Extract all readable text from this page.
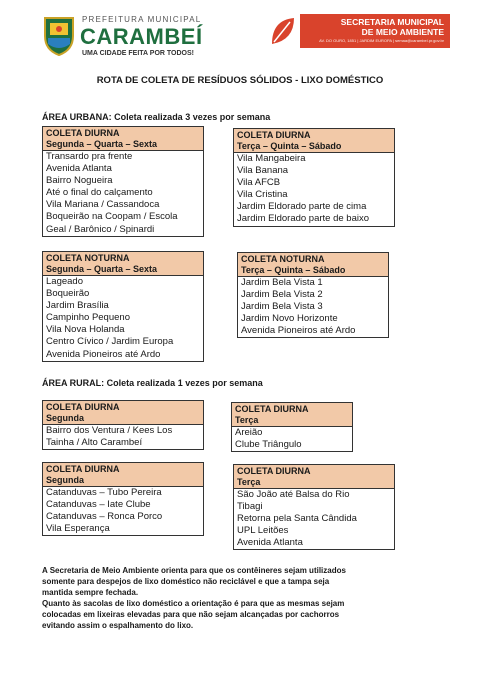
PREFEITURA MUNICIPAL
CARAMBEÍ
UMA CIDADE FEITA POR TODOS!
SECRETARIA MUNICIPAL
DE MEIO AMBIENTE
AV. DO OURO, 1851 | JARDIM EUROPA | semaa@carambei.pr.gov.br
ROTA DE COLETA DE RESÍDUOS SÓLIDOS - LIXO DOMÉSTICO
ÁREA URBANA: Coleta realizada 3 vezes por semana
COLETA DIURNA
Segunda – Quarta – Sexta
Transardo pra frente
Avenida Atlanta
Bairro Nogueira
Até o final do calçamento
Vila Mariana / Cassandoca
Boqueirão na Coopam / Escola
Geal / Barônico / Spinardi
COLETA DIURNA
Terça – Quinta – Sábado
Vila Mangabeira
Vila Banana
Vila AFCB
Vila Cristina
Jardim Eldorado parte de cima
Jardim Eldorado parte de baixo
COLETA NOTURNA
Segunda – Quarta – Sexta
Lageado
Boqueirão
Jardim Brasília
Campinho Pequeno
Vila Nova Holanda
Centro Cívico / Jardim Europa
Avenida Pioneiros até Ardo
COLETA NOTURNA
Terça – Quinta – Sábado
Jardim Bela Vista 1
Jardim Bela Vista 2
Jardim Bela Vista 3
Jardim Novo Horizonte
Avenida Pioneiros até Ardo
ÁREA RURAL: Coleta realizada 1 vezes por semana
COLETA DIURNA
Segunda
Bairro dos Ventura / Kees Los
Tainha / Alto Carambeí
COLETA DIURNA
Terça
Areião
Clube Triângulo
COLETA DIURNA
Segunda
Catanduvas – Tubo Pereira
Catanduvas – Iate Clube
Catanduvas – Ronca Porco
Vila Esperança
COLETA DIURNA
Terça
São João até Balsa do Rio
Tibagi
Retorna pela Santa Cândida
UPL Leitões
Avenida Atlanta
A Secretaria de Meio Ambiente orienta para que os contêineres sejam utilizados
somente para despejos de lixo doméstico não reciclável e que a tampa seja
mantida sempre fechada.
Quanto às sacolas de lixo doméstico a orientação é para que as mesmas sejam
colocadas em lixeiras elevadas para que não sejam alcançadas por cachorros
evitando assim o espalhamento do lixo.
